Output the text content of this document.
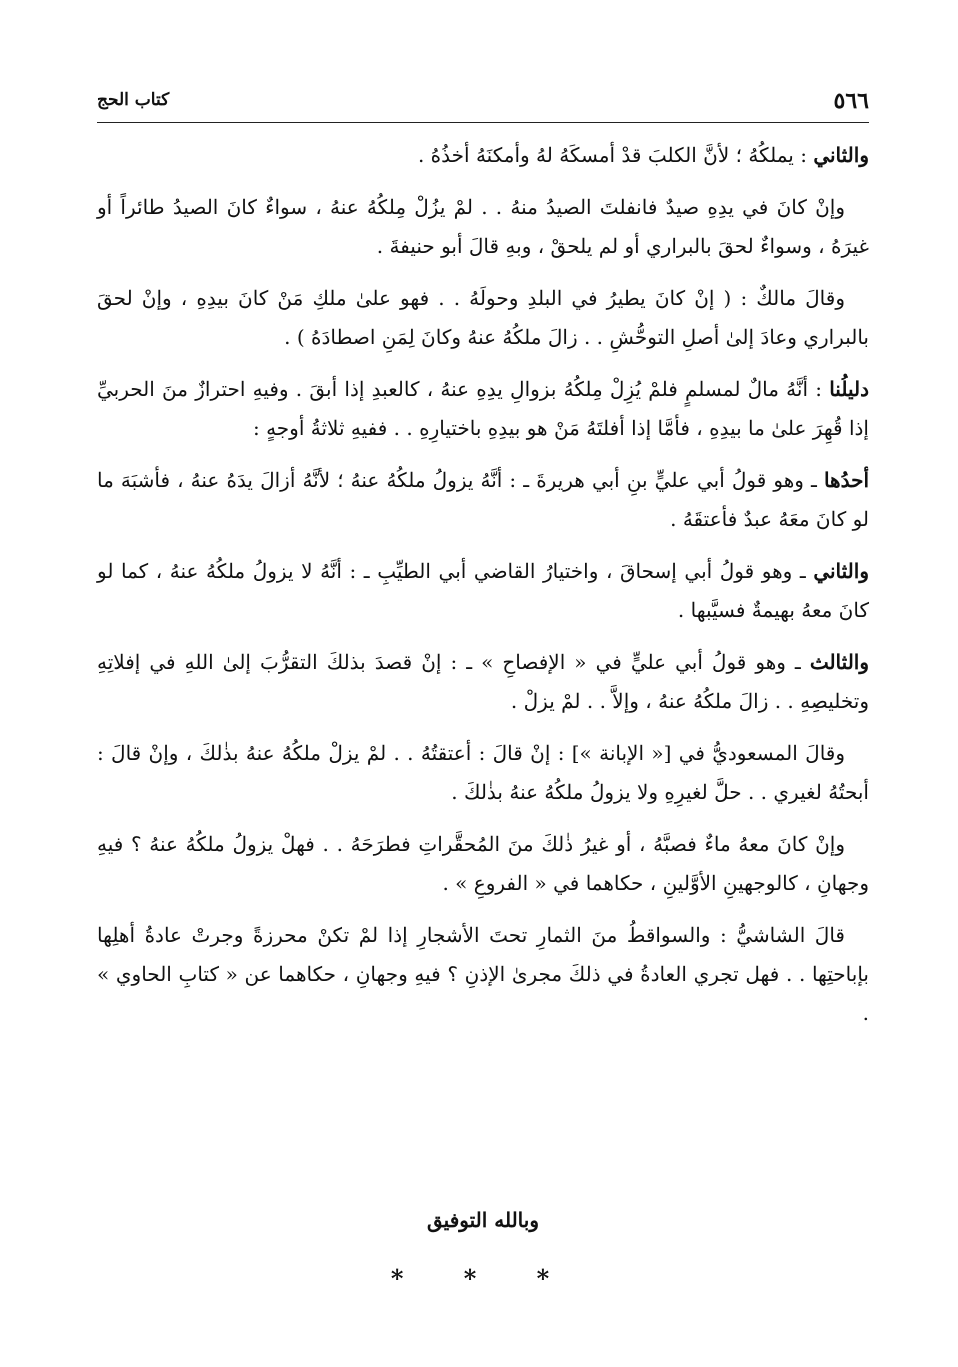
٥٦٦
كتاب الحج

والثاني : يملكُهُ ؛ لأنَّ الكلبَ قدْ أمسكَهُ لهُ وأمكنَهُ أخذُهُ .

وإنْ كانَ في يدِهِ صيدٌ فانفلتَ الصيدُ منهُ . . لمْ يزُلْ مِلكُهُ عنهُ ، سواءٌ كانَ الصيدُ طائراً أو غيرَهُ ، وسواءٌ لحقَ بالبراري أو لم يلحقْ ، وبهِ قالَ أبو حنيفةَ .

وقالَ مالكٌ : ( إنْ كانَ يطيرُ في البلدِ وحولَهُ . . فهو علىٰ ملكِ مَنْ كانَ بيدِهِ ، وإنْ لحقَ بالبراري وعادَ إلىٰ أصلِ التوحُّشِ . . زالَ ملكُهُ عنهُ وكانَ لِمَنِ اصطادَهُ ) .

دليلُنا : أنَّهُ مالٌ لمسلمٍ فلمْ يُزِلْ مِلكُهُ بزوالِ يدِهِ عنهُ ، كالعبدِ إذا أبقَ . وفيهِ احترازٌ منَ الحربيِّ إذا قُهِرَ علىٰ ما بيدِهِ ، فأمَّا إذا أفلتَهُ مَنْ هو بيدِهِ باختيارِهِ . . ففيهِ ثلاثةُ أوجهٍ :

أحدُها ـ وهو قولُ أبي عليٍّ بنِ أبي هريرةَ ـ : أنَّهُ يزولُ ملكُهُ عنهُ ؛ لأنَّهُ أزالَ يدَهُ عنهُ ، فأشبَهَ ما لو كانَ معَهُ عبدٌ فأعتقَهُ .

والثاني ـ وهو قولُ أبي إسحاقَ ، واختيارُ القاضي أبي الطيِّبِ ـ : أنَّهُ لا يزولُ ملكُهُ عنهُ ، كما لو كانَ معهُ بهيمةٌ فسيَّبها .

والثالث ـ وهو قولُ أبي عليٍّ في « الإفصاحِ » ـ : إنْ قصدَ بذلكَ التقرُّبَ إلىٰ اللهِ في إفلاتِهِ وتخليصِهِ . . زالَ ملكُهُ عنهُ ، وإلاَّ . . لمْ يزلْ .

وقالَ المسعوديُّ في [« الإبانة »] : إنْ قالَ : أعتقتُهُ . . لمْ يزلْ ملكُهُ عنهُ بذٰلكَ ، وإنْ قالَ : أبحتُهُ لغيري . . حلَّ لغيرِهِ ولا يزولُ ملكُهُ عنهُ بذٰلكَ .

وإنْ كانَ معهُ ماءٌ فصبَّهُ ، أو غيرُ ذٰلكَ منَ المُحقَّراتِ فطرَحَهُ . . فهلْ يزولُ ملكُهُ عنهُ ؟ فيهِ وجهانِ ، كالوجهينِ الأوَّلينِ ، حكاهما في « الفروعِ » .

قالَ الشاشيُّ : والسواقطُ منَ الثمارِ تحتَ الأشجارِ إذا لمْ تكنْ محرزةً وجرتْ عادةُ أهلِها بإباحتِها . . فهل تجري العادةُ في ذلكَ مجرىٰ الإذنِ ؟ فيهِ وجهانِ ، حكاهما عن « كتابِ الحاوي » .

وبالله التوفيق
* * *
